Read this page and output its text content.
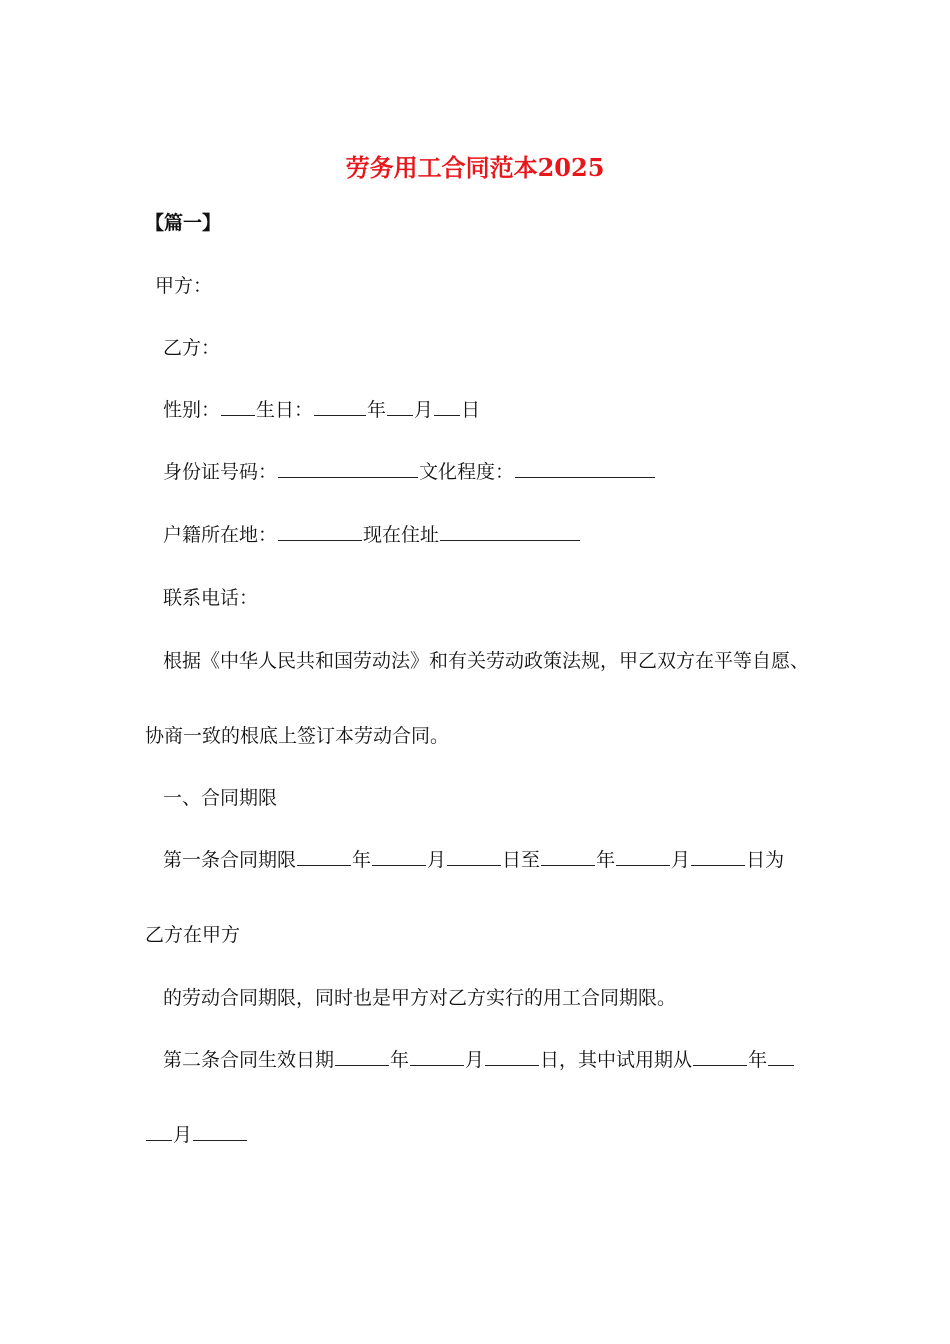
劳务用工合同范本2025
【篇一】
甲方：
乙方：
性别： 生日：	年 月 日
身份证号码：	文化程度：
户籍所在地：	现在住址
联系电话：
根据《中华人民共和国劳动法》和有关劳动政策法规，甲乙双方在平等自愿、
协商一致的根底上签订本劳动合同。
一、合同期限
第一条合同期限	年	月	日至	年	月	日为
乙方在甲方
的劳动合同期限，同时也是甲方对乙方实行的用工合同期限。
第二条合同生效日期	年	月	日，其中试用期从	年
月
